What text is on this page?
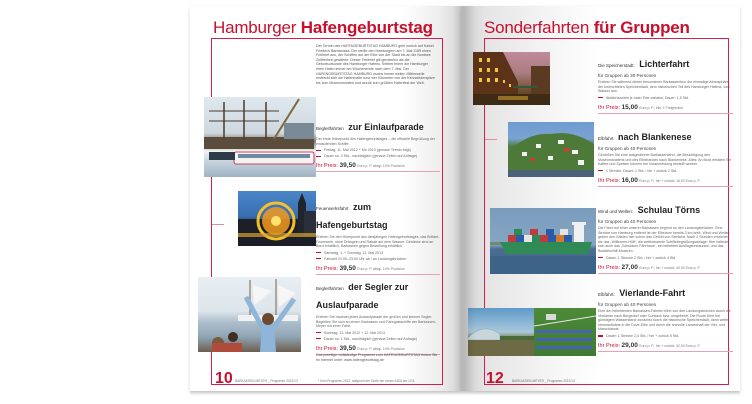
Hamburger Hafengeburtstag
Der Termin des HAFENGEBURTSTAG HAMBURG geht zurück auf Kaiser Friedrich Barbarossa. Der stellte den Hamburgern am 7. Mai 1189 einen Freibrief aus, der Schiffen auf der Elbe von der Stadt bis an die Nordsee Zollfreiheit gewährte. Dieser Freibrief gilt gemeinhin als die Geburtsurkunde des Hamburger Hafens. Seither feiern die Hamburger ihren Hafen immer am Wochenende nach dem 7. Mai. Der HAFENGEBURTSTAG HAMBURG wuchs immer weiter. Mittlerweile erstreckt sich die Hafenmeile rund vier Kilometer von der Kehrwiederspitze bis zum Museumshafen und wurde zum größten Hafenfest der Welt.
Begleitfahrten zur Einlaufparade
Der erste Höhepunkt des Hafengeburtstages – die offizielle Begrüßung der einlaufenden Schiffe.
Freitag, 11. Mai 2012 + Mo 2013 (genaue Termin folgt)
Dauer ca. 3 Std., nachträglich (genaue Zeiten auf Anfrage)
Ihr Preis: 39,50 Euro p. P. abzgl. 10% Provision
Feuerwerksfahrt zum Hafengeburtstag
Erleben Sie den Höhepunkt des diesjährigen Hafengeburtstages, das Brillant-Feuerwerk, ohne Drängeln und Rabatt auf dem Wasser. Getränke sind an Bord erhältlich, Barkassen gegen Bestellung erhältlich.
Samstag, 1. + Sonntag, 11. Mai 2013
Fahrzeit 21:00–23:00 Uhr ab / an Landungsbrücken
Ihr Preis: 39,50 Euro p. P. abzgl. 10% Provision
Begleitfahrten der Segler zur Auslaufparade
Erleben Sie hautnah jedes Auslaufparade der großen und kleinen Segler. Begleiten Sie sich an einem Barkassen und Fahrgastschiffe der Barkassen-Meyer mit einer Fahrt.
Sonntag, 13. Mai 2012 + 12. Mai 2013
Dauer ca. 1 Std., nachträglich (genaue Zeiten auf Anfrage)
Ihr Preis: 39,50 Euro p. P. abzgl. 10% Provision
Das jeweilige vollständige Programm zum HAFENGEBURTSTAG finden Sie im Internet unter: www.hafengeburtstag.de
10 BARKASSEN-MEYER _ Programm 2012/13	* Kein Programm 2012, aufgrund der Taufe der neuen AIDA am 12.5.
Sonderfahrten für Gruppen
Die Speicherstadt: Lichterfahrt
für Gruppen ab 30 Personen
Erleben Sie während dieser besonderen Barkassentour die einmalige Atmosphäre der beleuchteten Speicherstadt, dem historischen Teil des Hamburger Hafens, vom Wasser aus.
Abfahrtszeiten je nach Tide variabel, Dauer: 1,5 Std.
Ihr Preis: 15,00 Euro p. P., inkl. 1 Freigetränk
Elbfahrt nach Blankenese
für Gruppen ab 40 Personen
Genießen Sie eine ausgedehnte Barkassenfahrt, die Besichtigung des Museumshafens und des Elbstrandes nach Blankenese. Alles: An Bord erhalten Sie Kaffee und Speisen können bei Voranmeldung bestellt werden.
1 Strecke, Dauer: 1 Std. / hin + zurück 2 Std.
Ihr Preis: 16,00 Euro p. P., hin + zurück: 16,00 Euro p. P.
Wind und Wellen: Schulau Törns
für Gruppen ab 40 Personen
Die Fahrt auf einer unserer Barkassen beginnt an den Landungsbrücken. Eine Strecke von Hamburg entfernt ist der Elbstrom bereits 3 km breit. Wind und Wellen geben den Gästen hier schon das Gefühl von Seefahrt. Nach 2 Stunden erreichen wir das „Willkomm-Höft“, die weltbekannte Schiffsbegrüßungsanlage. Hier befindet sich auch das „Schulauer Fährhaus“, ein beliebtes Ausflugsrestaurant, und das Buddelschiff-Museum.
Dauer: 1 Strecke 2 Std. / hin + zurück 4 Std.
Ihr Preis: 27,00 Euro p. P., hin + zurück: 40,00 Euro p. P.
Elbfahrt: Vierlande-Fahrt
für Gruppen ab 40 Personen
Eine der beliebtesten Barkassen-Fahrten führt von den Landungsbrücken durch die Vierlande nach Bergedorf oder Curslack bzw. umgekehrt. Die Route führt bei günstigem Wasserstand zunächst durch die historische Speicherstadt, dann weiter stromaufwärts in die Dove-Elbe und durch die reizvolle Landschaft der Vier- und Marschlande.
Dauer: 1 Strecke 2,5 Std. / hin + zurück 5 Std.
Ihr Preis: 29,00 Euro p. P., hin + zurück: 32,00 Euro p. P.
12	BARKASSEN-MEYER _ Programm 2012/13
